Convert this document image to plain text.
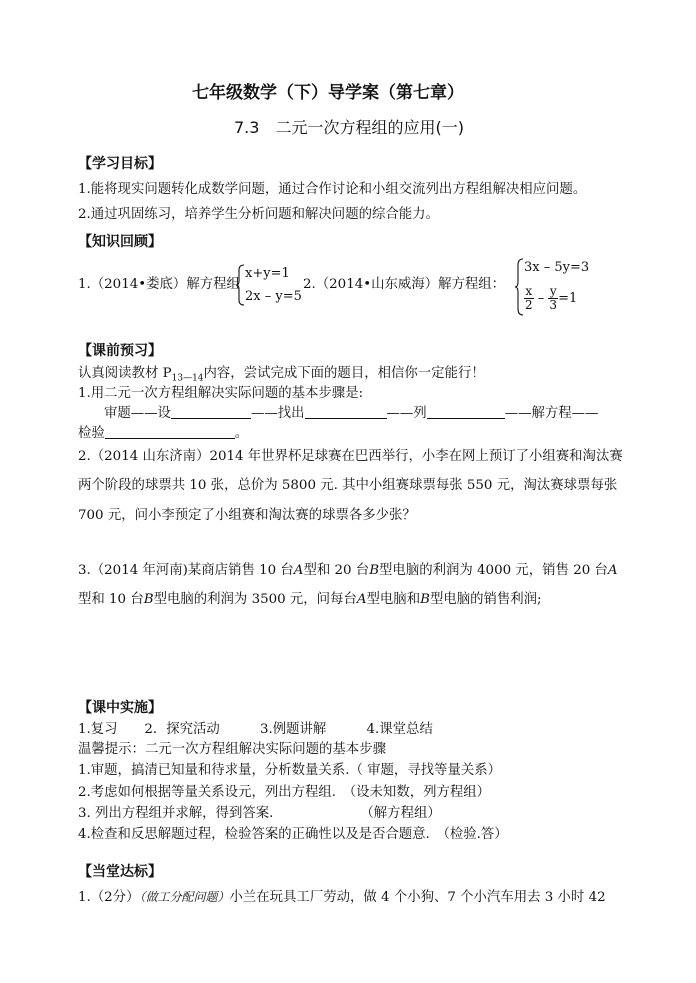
七年级数学（下）导学案（第七章）
7.3　二元一次方程组的应用(一)
【学习目标】
1.能将现实问题转化成数学问题，通过合作讨论和小组交流列出方程组解决相应问题。
2.通过巩固练习，培养学生分析问题和解决问题的综合能力。
【知识回顾】
1.（2014•娄底）解方程组
x+y=1
2x – y=5
2.（2014•山东威海）解方程组：
3x – 5y=3
$\frac{x}{2} - \frac{y}{3} =1$
【课前预习】
认真阅读教材 $P_{13—14}$内容，尝试完成下面的题目，相信你一定能行！
1.用二元一次方程组解决实际问题的基本步骤是:
审题——设	——找出	——列	——解方程——
检验	。
2.（2014 山东济南）2014 年世界杯足球赛在巴西举行，小李在网上预订了小组赛和淘汰赛
两个阶段的球票共 10 张，总价为 5800 元. 其中小组赛球票每张 550 元，淘汰赛球票每张
700 元，问小李预定了小组赛和淘汰赛的球票各多少张？
3.（2014 年河南)某商店销售 10 台A型和 20 台B型电脑的利润为 4000 元，销售 20 台A
型和 10 台B型电脑的利润为 3500 元，问每台A型电脑和B型电脑的销售利润;
【课中实施】
1.复习　　2．探究活动　　　3.例题讲解　　　4.课堂总结
温馨提示：二元一次方程组解决实际问题的基本步骤
1.审题，搞清已知量和待求量，分析数量关系.（ 审题，寻找等量关系）
2.考虑如何根据等量关系设元，列出方程组.　（设未知数，列方程组）
3. 列出方程组并求解，得到答案.　　　　　　　（解方程组）
4.检查和反思解题过程，检验答案的正确性以及是否合题意.　（检验.答）
【当堂达标】
1.（2分）（做工分配问题）小兰在玩具工厂劳动，做 4 个小狗、7 个小汽车用去 3 小时 42
